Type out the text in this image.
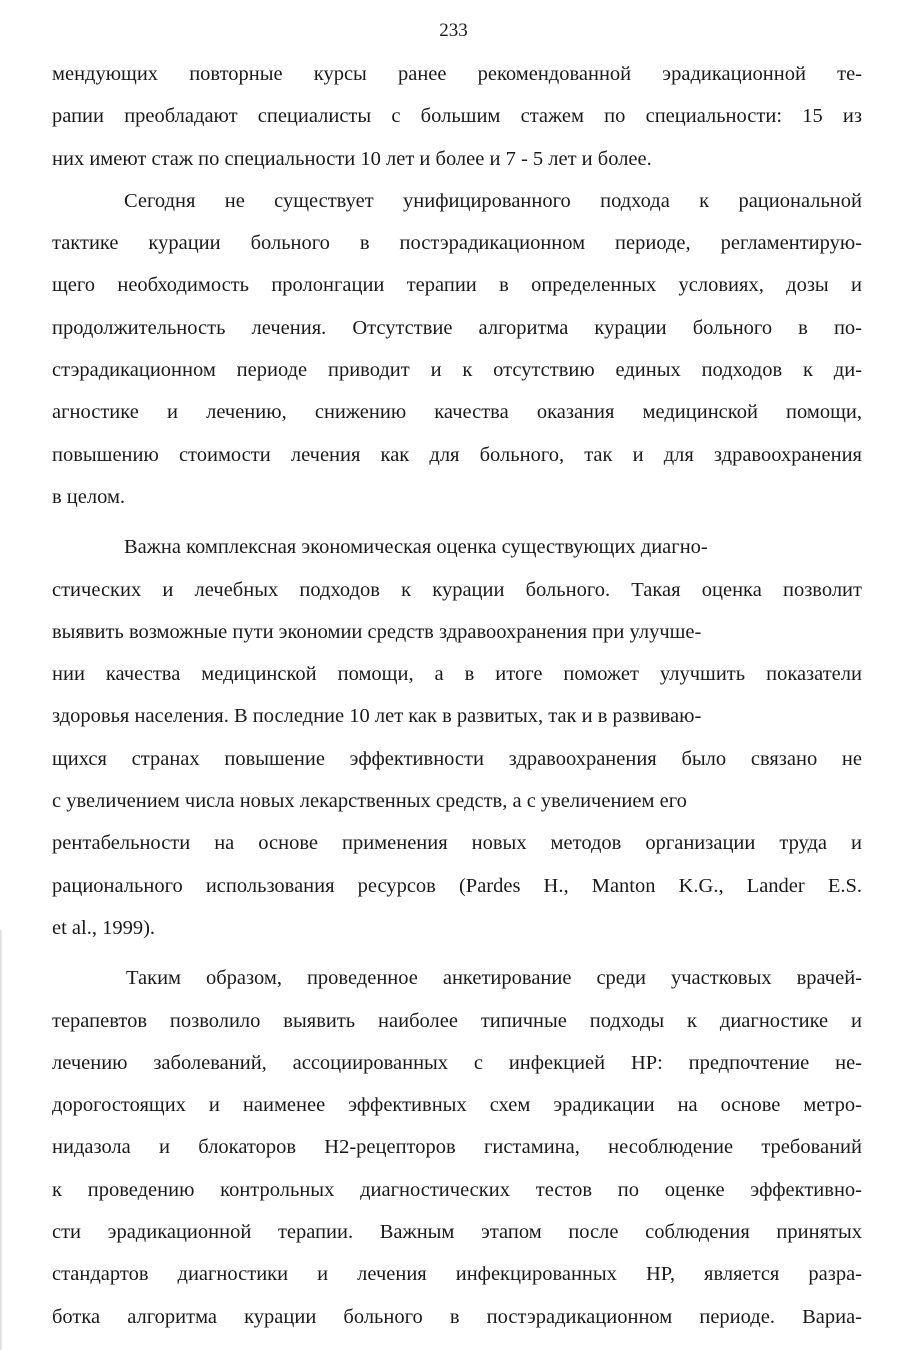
233
мендующих повторные курсы ранее рекомендованной эрадикационной те-
рапии преобладают специалисты с большим стажем по специальности: 15 из
них имеют стаж по специальности 10 лет и более и 7 - 5 лет и более.
Сегодня не существует унифицированного подхода к рациональной
тактике курации больного в постэрадикационном периоде, регламентирую-
щего необходимость пролонгации терапии в определенных условиях, дозы и
продолжительность лечения. Отсутствие алгоритма курации больного в по-
стэрадикационном периоде приводит и к отсутствию единых подходов к ди-
агностике и лечению, снижению качества оказания медицинской помощи,
повышению стоимости лечения как для больного, так и для здравоохранения
в целом.
Важна комплексная экономическая оценка существующих диагно-
стических и лечебных подходов к курации больного. Такая оценка позволит
выявить возможные пути экономии средств здравоохранения при улучше-
нии качества медицинской помощи, а в итоге поможет улучшить показатели
здоровья населения. В последние 10 лет как в развитых, так и в развиваю-
щихся странах повышение эффективности здравоохранения было связано не
с увеличением числа новых лекарственных средств, а с увеличением его
рентабельности на основе применения новых методов организации труда и
рационального использования ресурсов (Pardes H., Manton K.G., Lander E.S.
et al., 1999).
Таким образом, проведенное анкетирование среди участковых врачей-
терапевтов позволило выявить наиболее типичные подходы к диагностике и
лечению заболеваний, ассоциированных с инфекцией HP: предпочтение не-
дорогостоящих и наименее эффективных схем эрадикации на основе метро-
нидазола и блокаторов Н2-рецепторов гистамина, несоблюдение требований
к проведению контрольных диагностических тестов по оценке эффективно-
сти эрадикационной терапии. Важным этапом после соблюдения принятых
стандартов диагностики и лечения инфекцированных HP, является разра-
ботка алгоритма курации больного в постэрадикационном периоде. Вариа-
